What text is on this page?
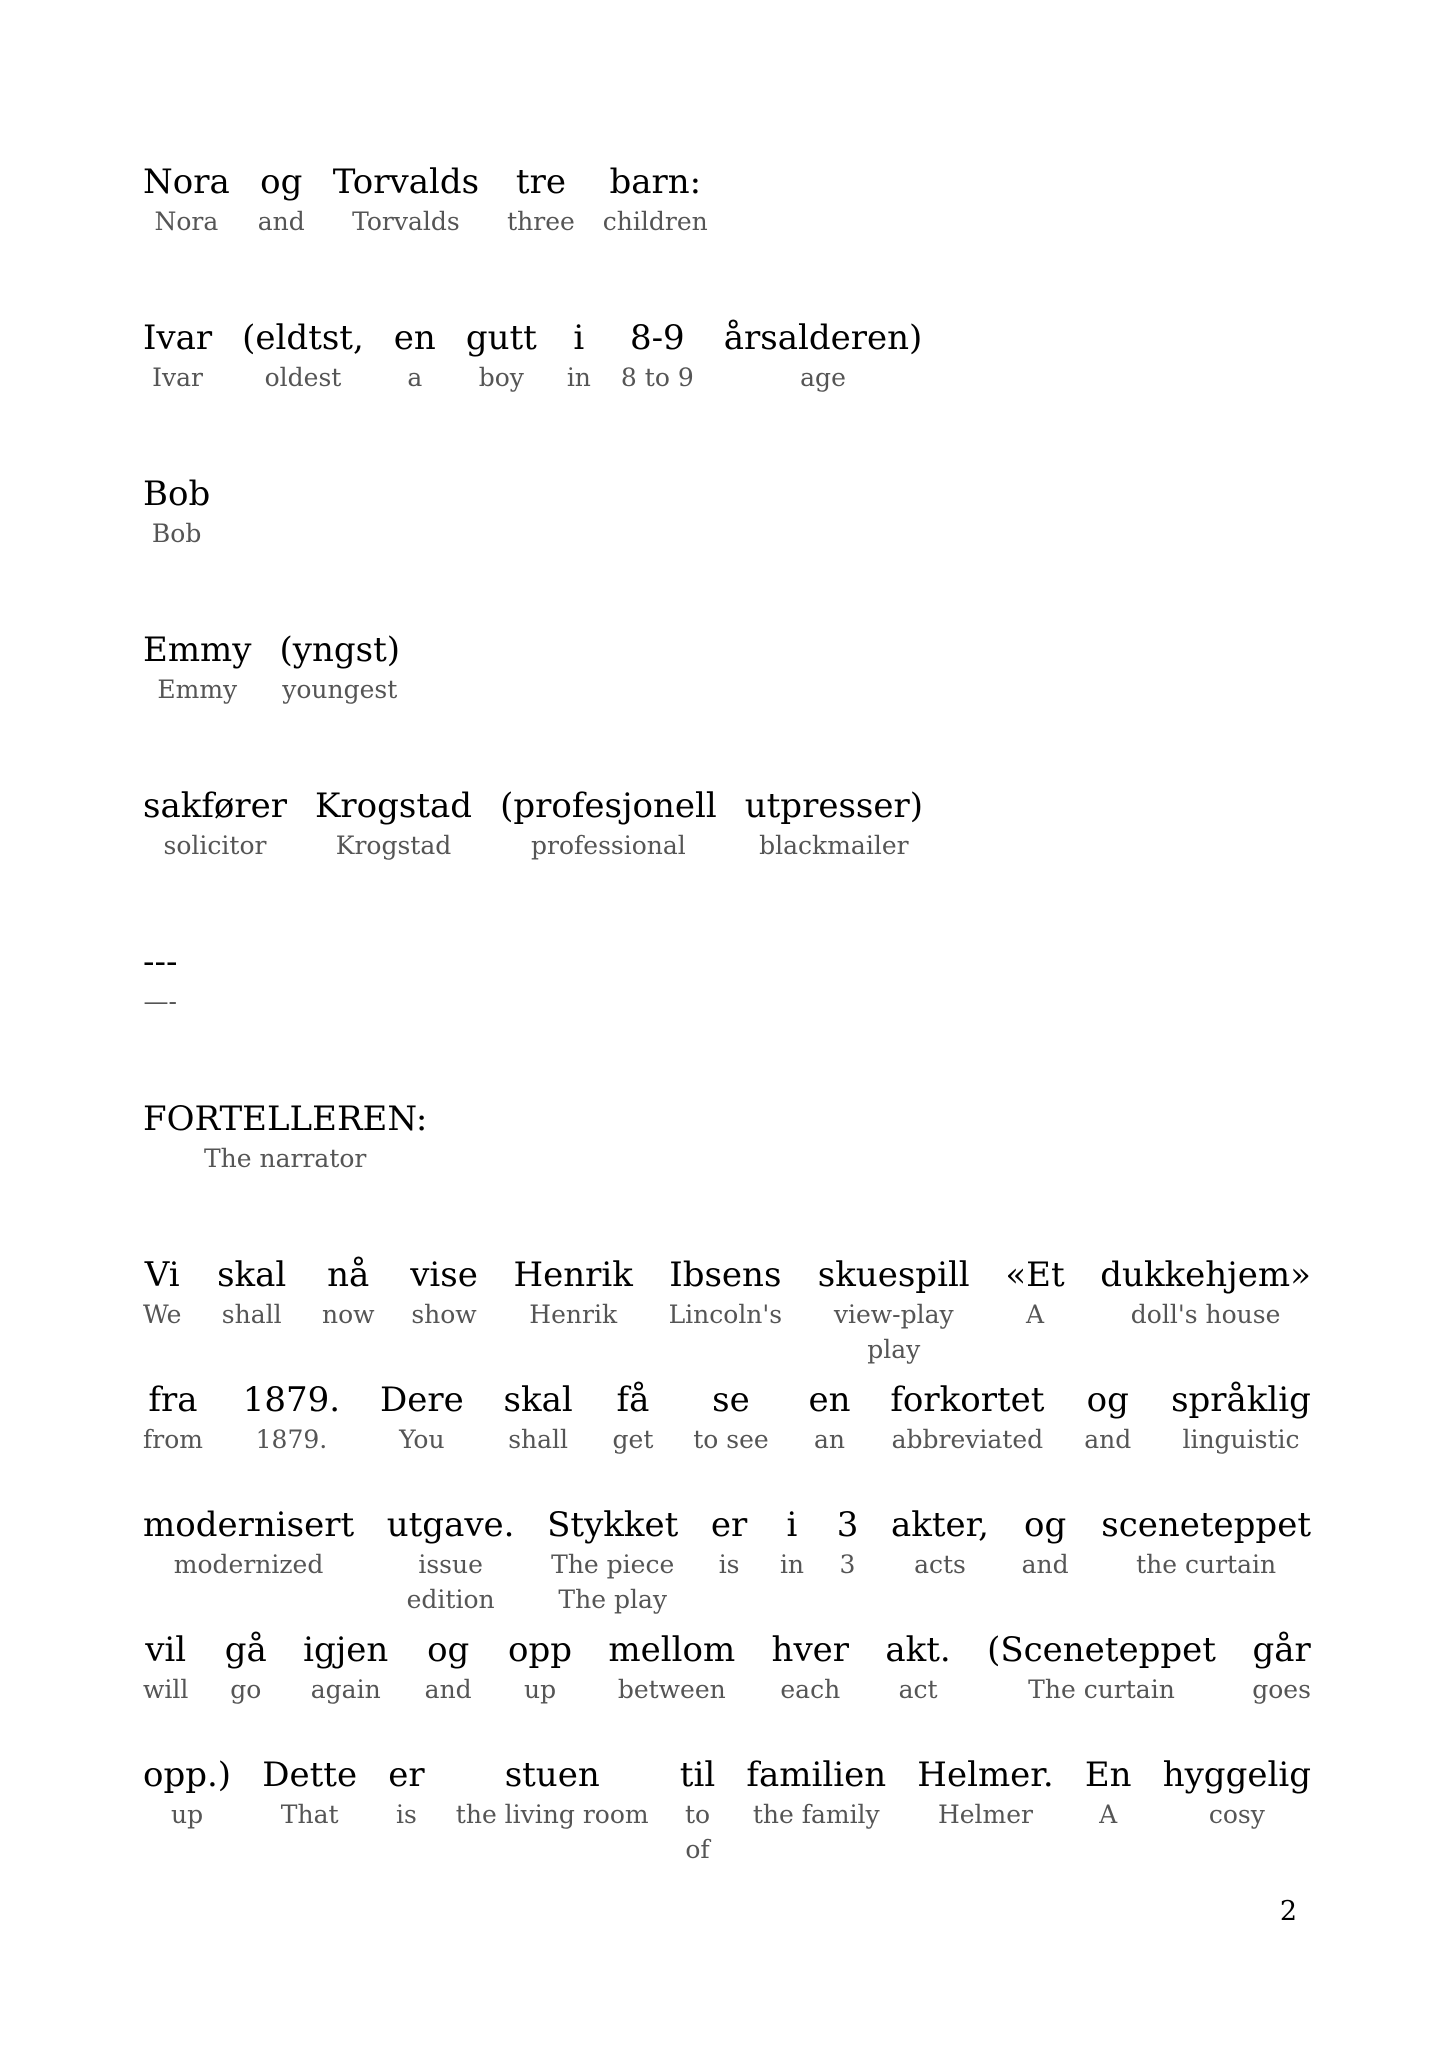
Nora
Nora
og
and
Torvalds
Torvalds
tre
three
barn:
children
Ivar
Ivar
(eldtst,
oldest
en
a
gutt
boy
i
in
8-9
8 to 9
årsalderen)
age
Bob
Bob
Emmy
Emmy
(yngst)
youngest
sakfører
solicitor
Krogstad
Krogstad
(profesjonell
professional
utpresser)
blackmailer
---
—-
FORTELLEREN:
The narrator
Vi
We
skal
shall
nå
now
vise
show
Henrik
Henrik
Ibsens
Lincoln's
skuespill
view-play
play
«Et
A
dukkehjem»
doll's house
fra
from
1879.
1879.
Dere
You
skal
shall
få
get
se
to see
en
an
forkortet
abbreviated
og
and
språklig
linguistic
modernisert
modernized
utgave.
issue
edition
Stykket
The piece
The play
er
is
i
in
3
3
akter,
acts
og
and
sceneteppet
the curtain
vil
will
gå
go
igjen
again
og
and
opp
up
mellom
between
hver
each
akt.
act
(Sceneteppet
The curtain
går
goes
opp.)
up
Dette
That
er
is
stuen
the living room
til
to
of
familien
the family
Helmer.
Helmer
En
A
hyggelig
cosy
2
